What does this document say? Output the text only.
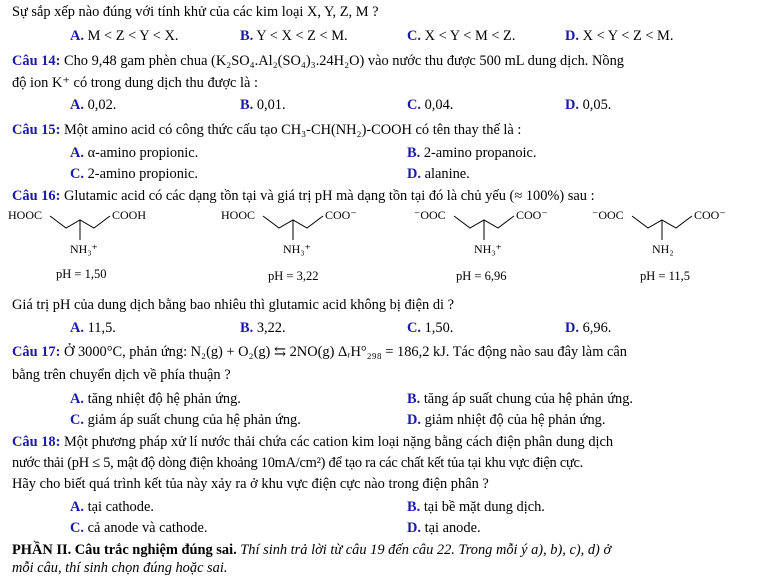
Sự sắp xếp nào đúng với tính khử của các kim loại X, Y, Z, M ?
A. M < Z < Y < X.	B. Y < X < Z < M.	C. X < Y < M < Z.	D. X < Y < Z < M.
Câu 14: Cho 9,48 gam phèn chua (K₂SO₄.Al₂(SO₄)₃.24H₂O) vào nước thu được 500 mL dung dịch. Nồng
độ ion K⁺ có trong dung dịch thu được là :
A. 0,02.	B. 0,01.	C. 0,04.	D. 0,05.
Câu 15: Một amino acid có công thức cấu tạo CH₃-CH(NH₂)-COOH có tên thay thế là :
A. α-amino propionic.	B. 2-amino propanoic.
C. 2-amino propionic.	D. alanine.
Câu 16: Glutamic acid có các dạng tồn tại và giá trị pH mà dạng tồn tại đó là chủ yếu (≈ 100%) sau :
HOOC	COOH
NH₃⁺
HOOC	COO⁻
NH₃⁺
⁻OOC	COO⁻
NH₃⁺
⁻OOC	COO⁻
NH₂
pH = 1,50	pH = 3,22	pH = 6,96	pH = 11,5
Giá trị pH của dung dịch bằng bao nhiêu thì glutamic acid không bị điện di ?
A. 11,5.	B. 3,22.	C. 1,50.	D. 6,96.
Câu 17: Ở 3000°C, phản ứng: N₂(g) + O₂(g) ⇆ 2NO(g) ΔᵣH°₂₉₈ = 186,2 kJ. Tác động nào sau đây làm cân
bằng trên chuyển dịch về phía thuận ?
A. tăng nhiệt độ hệ phản ứng.	B. tăng áp suất chung của hệ phản ứng.
C. giảm áp suất chung của hệ phản ứng.	D. giảm nhiệt độ của hệ phản ứng.
Câu 18: Một phương pháp xử lí nước thải chứa các cation kim loại nặng bằng cách điện phân dung dịch
nước thải (pH ≤ 5, mật độ dòng điện khoảng 10mA/cm²) để tạo ra các chất kết tủa tại khu vực điện cực.
Hãy cho biết quá trình kết tủa này xảy ra ở khu vực điện cực nào trong điện phân ?
A. tại cathode.	B. tại bề mặt dung dịch.
C. cả anode và cathode.	D. tại anode.
PHẦN II. Câu trắc nghiệm đúng sai. Thí sinh trả lời từ câu 19 đến câu 22. Trong mỗi ý a), b), c), d) ở
mỗi câu, thí sinh chọn đúng hoặc sai.
